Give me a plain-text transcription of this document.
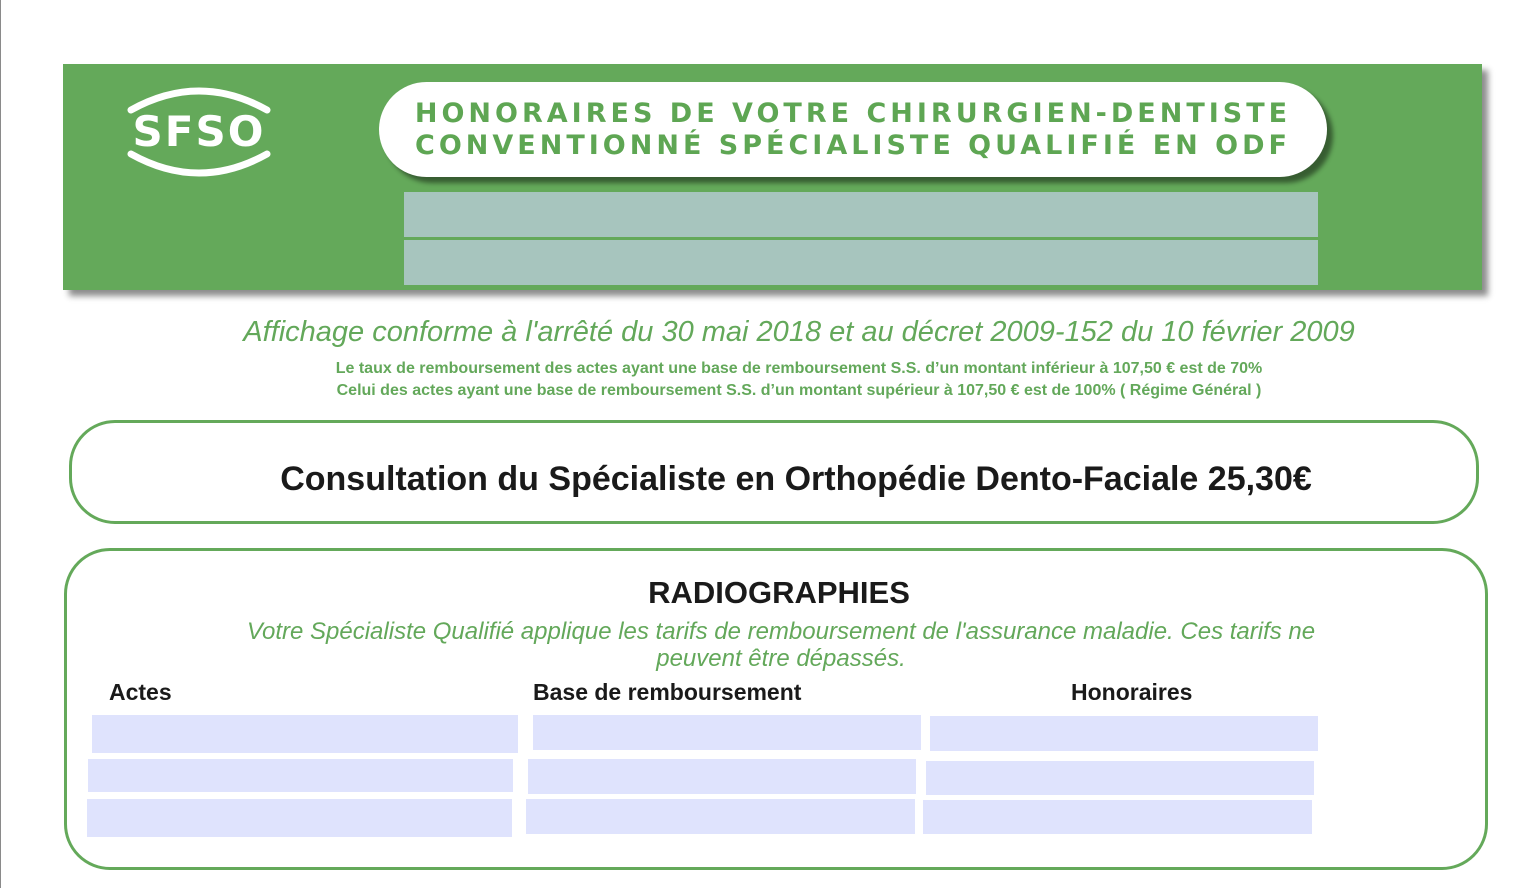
SFSO	HONORAIRES DE VOTRE CHIRURGIEN-DENTISTE
CONVENTIONNÉ SPÉCIALISTE QUALIFIÉ EN ODF
Affichage conforme à l'arrêté du 30 mai 2018 et au décret 2009-152 du 10 février 2009
Le taux de remboursement des actes ayant une base de remboursement S.S. d’un montant inférieur à 107,50 € est de 70%
Celui des actes ayant une base de remboursement S.S. d’un montant supérieur à 107,50 € est de 100% ( Régime Général )
Consultation du Spécialiste en Orthopédie Dento-Faciale 25,30€
RADIOGRAPHIES
Votre Spécialiste Qualifié applique les tarifs de remboursement de l'assurance maladie. Ces tarifs ne peuvent être dépassés.
Actes	Base de remboursement	Honoraires
